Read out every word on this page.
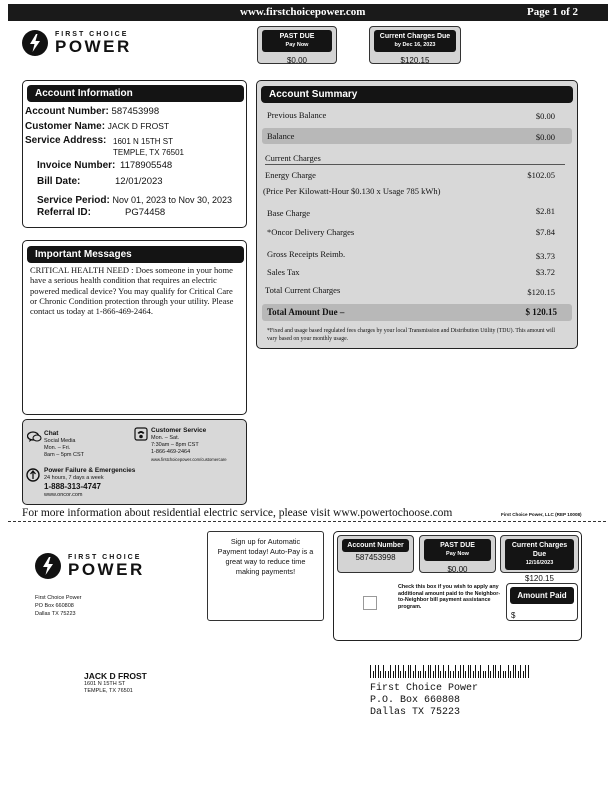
www.firstchoicepower.com	Page 1 of 2
FIRST CHOICE
POWER
PAST DUE
Pay Now
$0.00
Current Charges Due
by Dec 16, 2023
$120.15
Account Information
Account Number: 587453998
Customer Name: JACK D FROST
Service Address: 1601 N 15TH ST
TEMPLE, TX 76501
Invoice Number: 1178905548
Bill Date:	12/01/2023
Service Period: Nov 01, 2023 to Nov 30, 2023
Referral ID:	PG74458
Account Summary
Previous Balance	$0.00
Balance	$0.00
Current Charges
Energy Charge	$102.05
(Price Per Kilowatt-Hour $0.130 x Usage 785 kWh)
Base Charge	$2.81
*Oncor Delivery Charges	$7.84
Gross Receipts Reimb.	$3.73
Sales Tax	$3.72
Total Current Charges	$120.15
Total Amount Due –	$ 120.15
*Fixed and usage based regulated fees charges by your local Transmission and Distribution Utility (TDU). This amount will vary based on your monthly usage.
Important Messages
CRITICAL HEALTH NEED : Does someone in your home have a serious health condition that requires an electric powered medical device? You may qualify for Critical Care or Chronic Condition protection through your utility. Please contact us today at 1-866-469-2464.
Chat
Social Media
Mon. – Fri.
8am – 5pm CST
Customer Service
Mon. – Sat.
7:30am – 8pm CST
1-866-469-2464
www.firstchoicepower.com/customercare
Power Failure & Emergencies
24 hours, 7 days a week
1-888-313-4747
www.oncor.com
For more information about residential electric service, please visit www.powertochoose.com	First Choice Power, LLC (REP 10008)
FIRST CHOICE
POWER
First Choice Power
PO Box 660808
Dallas TX 75223
Sign up for Automatic Payment today! Auto-Pay is a great way to reduce time making payments!
Account Number
587453998
PAST DUE
Pay Now
$0.00
Current Charges Due
12/16/2023
$120.15
Check this box if you wish to apply any additional amount paid to the Neighbor-to-Neighbor bill payment assistance program.
Amount Paid
$
JACK D FROST
1601 N 15TH ST
TEMPLE, TX 76501	First Choice Power
P.O. Box 660808
Dallas TX 75223
